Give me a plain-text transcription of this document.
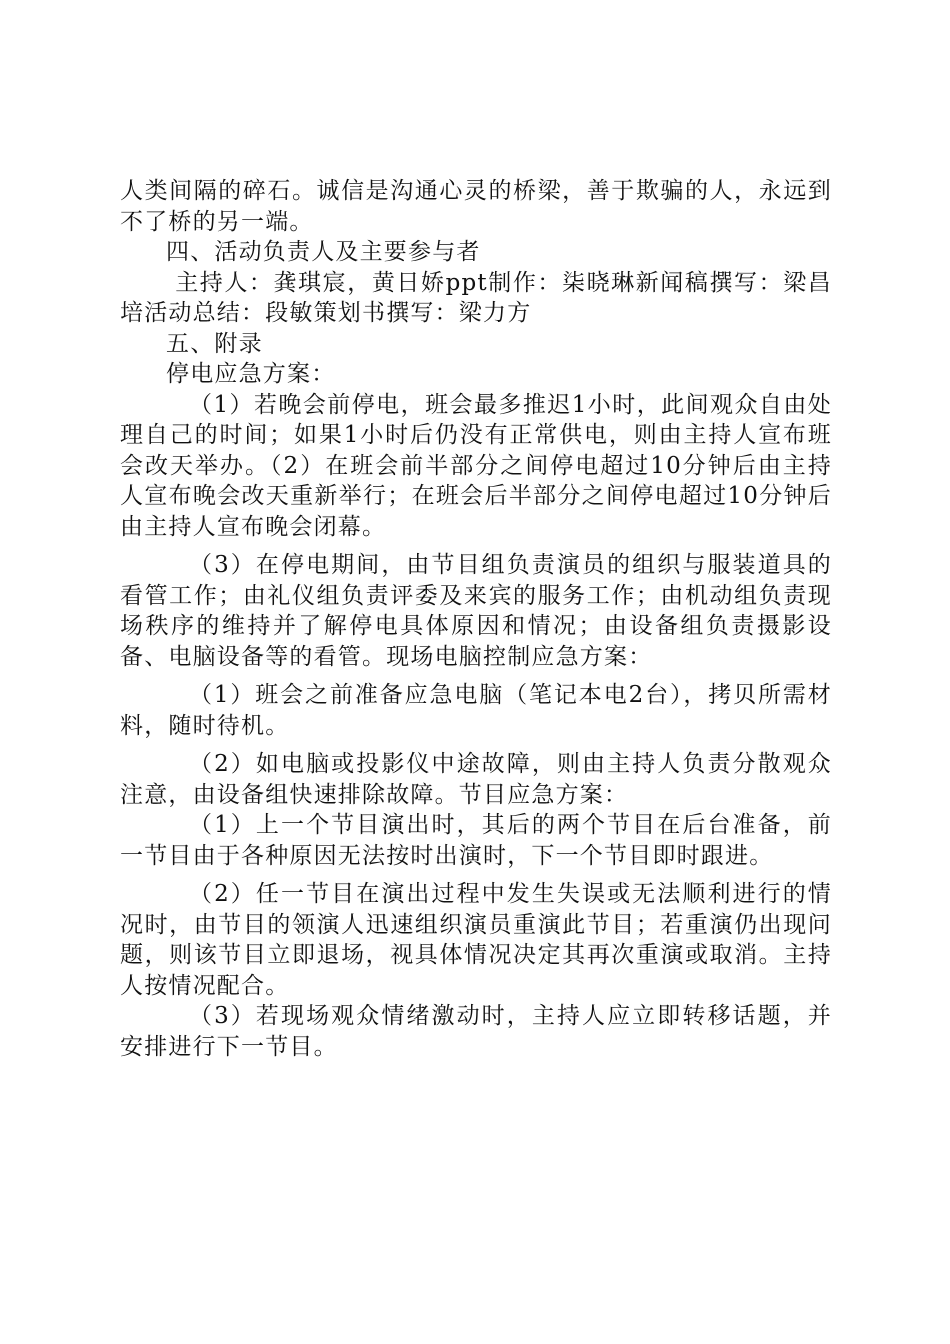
人类间隔的碎石。诚信是沟通心灵的桥梁，善于欺骗的人，永远到不了桥的另一端。

四、活动负责人及主要参与者

主持人：龚琪宸，黄日娇ppt制作：柒晓琳新闻稿撰写：梁昌培活动总结：段敏策划书撰写：梁力方

五、附录

停电应急方案：

（1）若晚会前停电，班会最多推迟1小时，此间观众自由处理自己的时间；如果1小时后仍没有正常供电，则由主持人宣布班会改天举办。（2）在班会前半部分之间停电超过10分钟后由主持人宣布晚会改天重新举行；在班会后半部分之间停电超过10分钟后由主持人宣布晚会闭幕。

（3）在停电期间，由节目组负责演员的组织与服装道具的看管工作；由礼仪组负责评委及来宾的服务工作；由机动组负责现场秩序的维持并了解停电具体原因和情况；由设备组负责摄影设备、电脑设备等的看管。现场电脑控制应急方案：

（1）班会之前准备应急电脑（笔记本电2台），拷贝所需材料，随时待机。

（2）如电脑或投影仪中途故障，则由主持人负责分散观众注意，由设备组快速排除故障。节目应急方案：

（1）上一个节目演出时，其后的两个节目在后台准备，前一节目由于各种原因无法按时出演时，下一个节目即时跟进。

（2）任一节目在演出过程中发生失误或无法顺利进行的情况时，由节目的领演人迅速组织演员重演此节目；若重演仍出现问题，则该节目立即退场，视具体情况决定其再次重演或取消。主持人按情况配合。

（3）若现场观众情绪激动时，主持人应立即转移话题，并安排进行下一节目。
